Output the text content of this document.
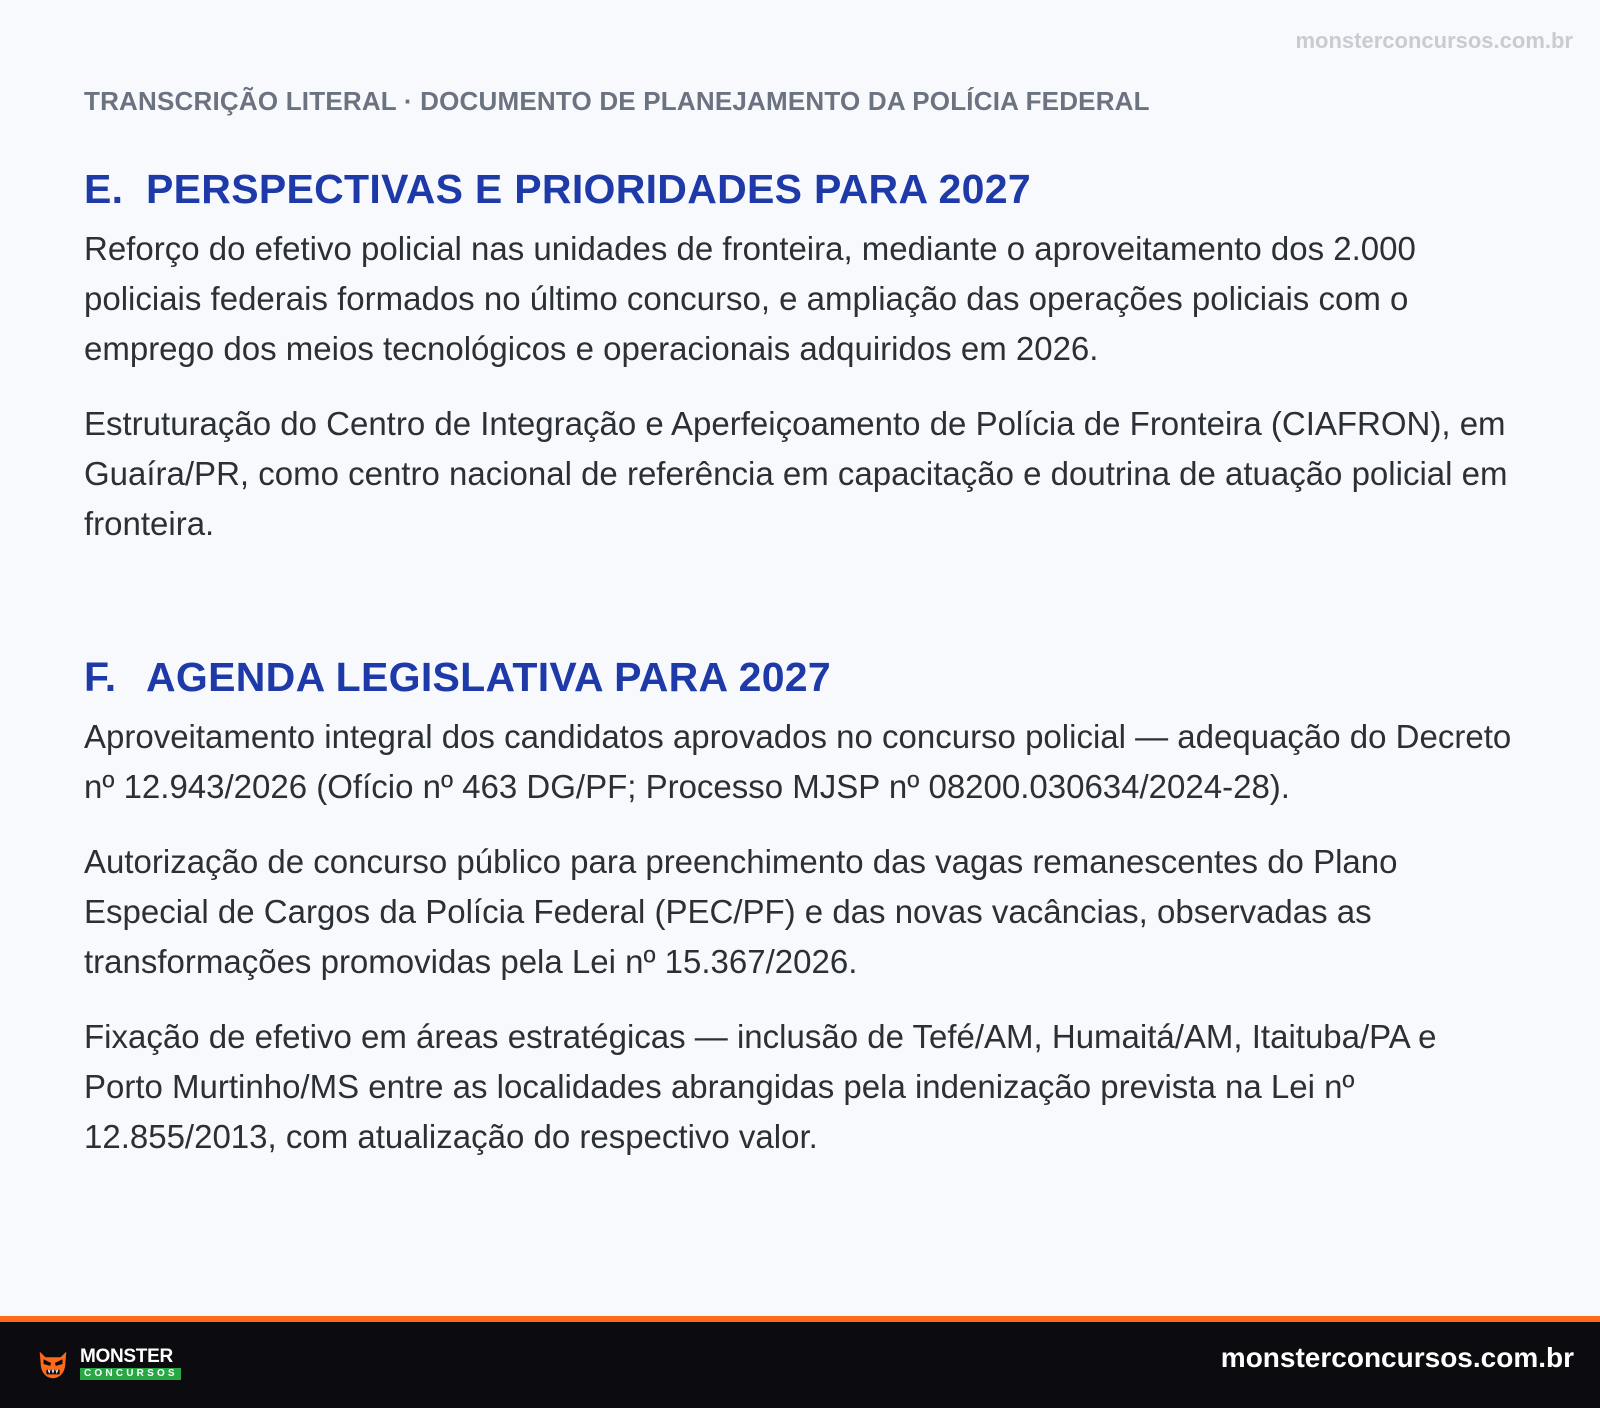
monsterconcursos.com.br
TRANSCRIÇÃO LITERAL · DOCUMENTO DE PLANEJAMENTO DA POLÍCIA FEDERAL
E. PERSPECTIVAS E PRIORIDADES PARA 2027

Reforço do efetivo policial nas unidades de fronteira, mediante o aproveitamento dos 2.000 policiais federais formados no último concurso, e ampliação das operações policiais com o emprego dos meios tecnológicos e operacionais adquiridos em 2026.

Estruturação do Centro de Integração e Aperfeiçoamento de Polícia de Fronteira (CIAFRON), em Guaíra/PR, como centro nacional de referência em capacitação e doutrina de atuação policial em fronteira.

F. AGENDA LEGISLATIVA PARA 2027

Aproveitamento integral dos candidatos aprovados no concurso policial — adequação do Decreto nº 12.943/2026 (Ofício nº 463 DG/PF; Processo MJSP nº 08200.030634/2024-28).

Autorização de concurso público para preenchimento das vagas remanescentes do Plano Especial de Cargos da Polícia Federal (PEC/PF) e das novas vacâncias, observadas as transformações promovidas pela Lei nº 15.367/2026.

Fixação de efetivo em áreas estratégicas — inclusão de Tefé/AM, Humaitá/AM, Itaituba/PA e Porto Murtinho/MS entre as localidades abrangidas pela indenização prevista na Lei nº 12.855/2013, com atualização do respectivo valor.

MONSTER
CONCURSOS	monsterconcursos.com.br
